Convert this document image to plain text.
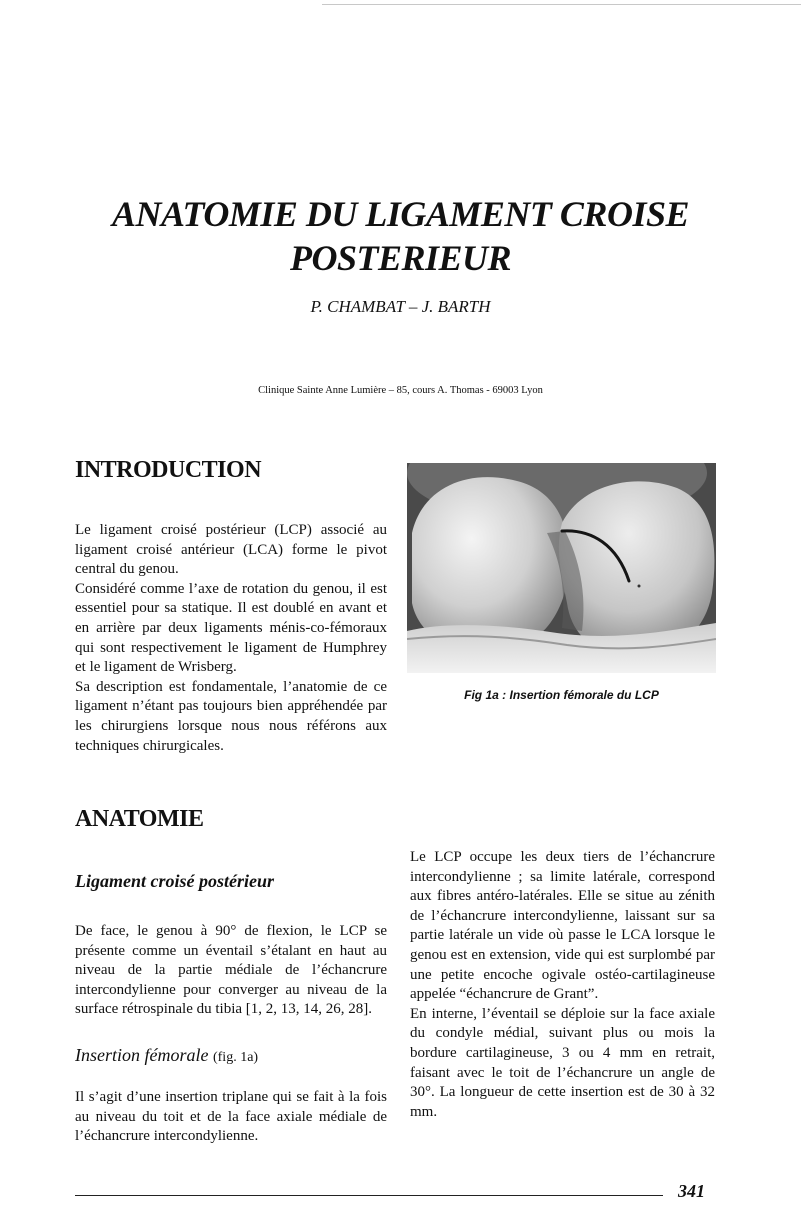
ANATOMIE DU LIGAMENT CROISE
POSTERIEUR
P. CHAMBAT – J. BARTH
Clinique Sainte Anne Lumière – 85, cours A. Thomas - 69003 Lyon
INTRODUCTION

Le ligament croisé postérieur (LCP) associé au ligament croisé antérieur (LCA) forme le pivot central du genou.

Considéré comme l’axe de rotation du genou, il est essentiel pour sa statique. Il est doublé en avant et en arrière par deux ligaments ménis-co-fémoraux qui sont respectivement le ligament de Humphrey et le ligament de Wrisberg.

Sa description est fondamentale, l’anatomie de ce ligament n’étant pas toujours bien appréhendée par les chirurgiens lorsque nous nous référons aux techniques chirurgicales.

Fig 1a : Insertion fémorale du LCP
ANATOMIE
Ligament croisé postérieur

De face, le genou à 90° de flexion, le LCP se présente comme un éventail s’étalant en haut au niveau de la partie médiale de l’échancrure intercondylienne pour converger au niveau de la surface rétrospinale du tibia [1, 2, 13, 14, 26, 28].

Insertion fémorale (fig. 1a)

Il s’agit d’une insertion triplane qui se fait à la fois au niveau du toit et de la face axiale médiale de l’échancrure intercondylienne.

Le LCP occupe les deux tiers de l’échancrure intercondylienne ; sa limite latérale, correspond aux fibres antéro-latérales. Elle se situe au zénith de l’échancrure intercondylienne, laissant sur sa partie latérale un vide où passe le LCA lorsque le genou est en extension, vide qui est surplombé par une petite encoche ogivale ostéo-cartilagineuse appelée “échancrure de Grant”.

En interne, l’éventail se déploie sur la face axiale du condyle médial, suivant plus ou mois la bordure cartilagineuse, 3 ou 4 mm en retrait, faisant avec le toit de l’échancrure un angle de 30°. La longueur de cette insertion est de 30 à 32 mm.

341
